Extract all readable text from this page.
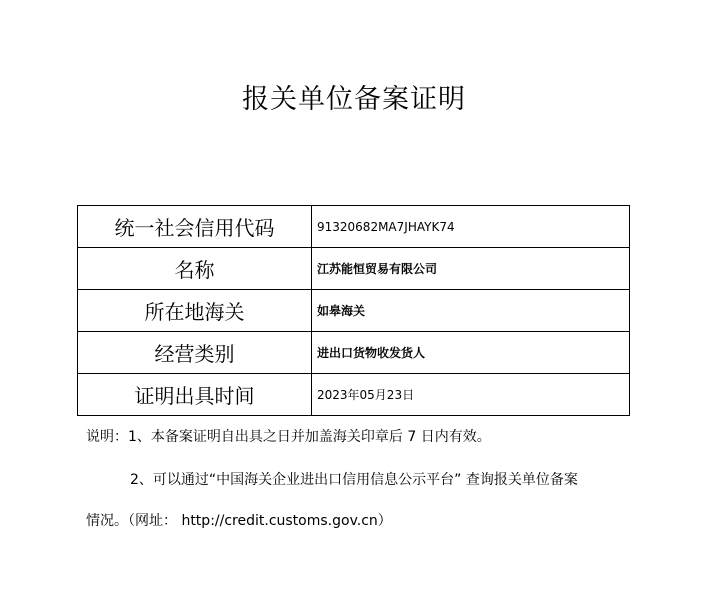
报关单位备案证明
统一社会信用代码	91320682MA7JHAYK74
名称	江苏能恒贸易有限公司
所在地海关	如皋海关
经营类别	进出口货物收发货人
证明出具时间	2023年05月23日
说明：1、本备案证明自出具之日并加盖海关印章后 7 日内有效。
2、可以通过“中国海关企业进出口信用信息公示平台” 查询报关单位备案
情况。（网址： http://credit.customs.gov.cn）
